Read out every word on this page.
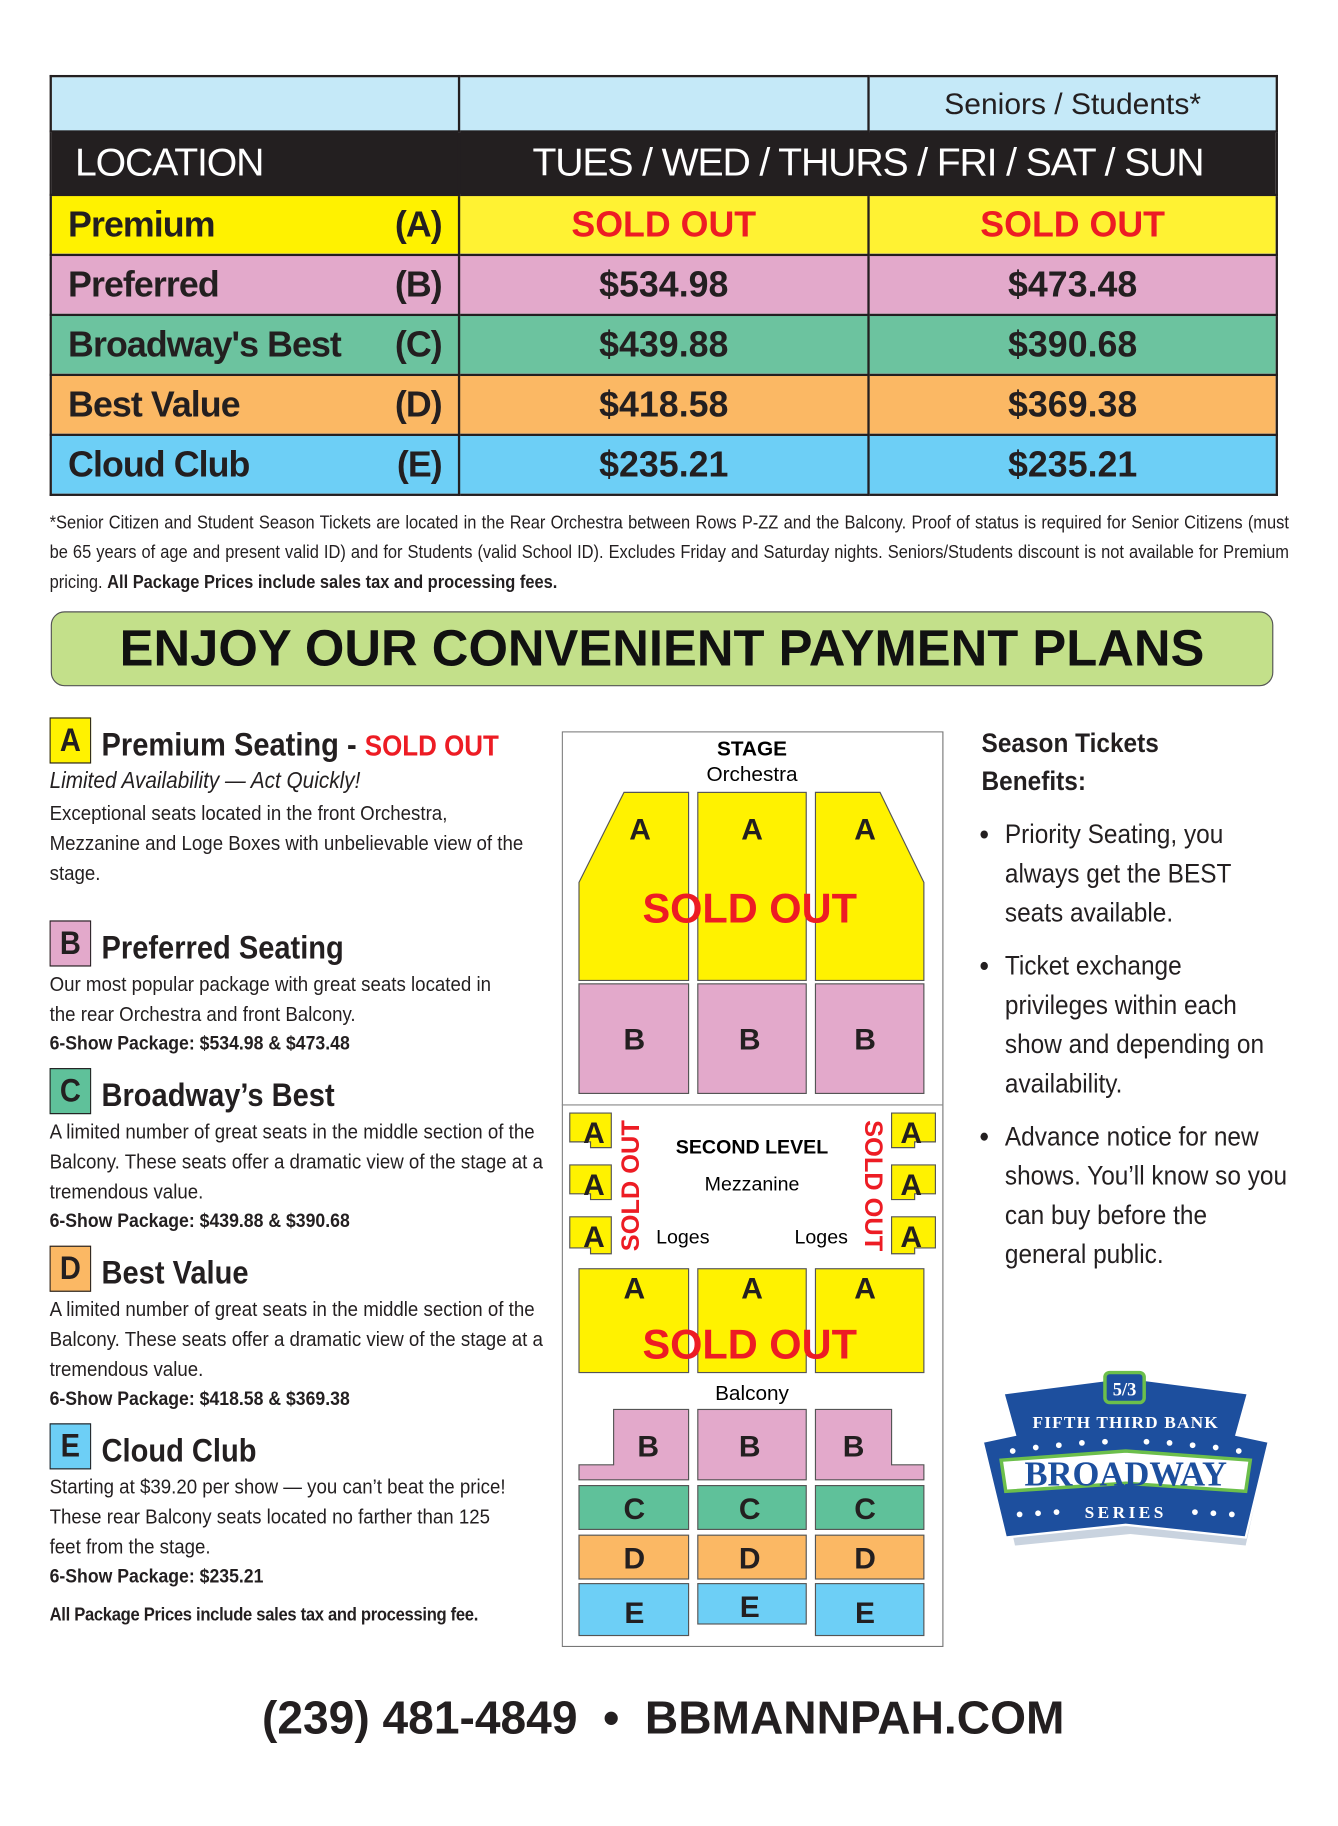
		Seniors / Students*
LOCATION	TUES / WED / THURS / FRI / SAT / SUN	

Premium (A)	SOLD OUT	SOLD OUT

Preferred (B)	$534.98	$473.48

Broadway's Best (C)	$439.88	$390.68

Best Value (D)	$418.58	$369.38

Cloud Club (E)	$235.21	$235.21
*Senior Citizen and Student Season Tickets are located in the Rear Orchestra between Rows P-ZZ and the Balcony. Proof of status is required for Senior Citizens (must be 65 years of age and present valid ID) and for Students (valid School ID). Excludes Friday and Saturday nights. Seniors/Students discount is not available for Premium pricing. All Package Prices include sales tax and processing fees.
ENJOY OUR CONVENIENT PAYMENT PLANS
A Premium Seating - SOLD OUT
Limited Availability — Act Quickly!
Exceptional seats located in the front Orchestra, Mezzanine and Loge Boxes with unbelievable view of the stage.
B Preferred Seating
Our most popular package with great seats located in the rear Orchestra and front Balcony.
6-Show Package: $534.98 & $473.48
C Broadway’s Best
A limited number of great seats in the middle section of the Balcony. These seats offer a dramatic view of the stage at a tremendous value.
6-Show Package: $439.88 & $390.68
D Best Value
A limited number of great seats in the middle section of the Balcony. These seats offer a dramatic view of the stage at a tremendous value.
6-Show Package: $418.58 & $369.38
E Cloud Club
Starting at $39.20 per show — you can’t beat the price! These rear Balcony seats located no farther than 125 feet from the stage.
6-Show Package: $235.21
All Package Prices include sales tax and processing fee.
STAGE
Orchestra
A	A	A
B	B	B
A
A
A
A
A
A
A	A	A
B	B	B
C	C	C
D	D	D
E	E	E
SECOND LEVEL
Mezzanine
Loges	Loges
Balcony
SOLD OUT
SOLD OUT
SOLD OUT	SOLD OUT
Season Tickets
Benefits:
• Priority Seating, you always get the BEST seats available.
• Ticket exchange privileges within each show and depending on availability.
• Advance notice for new shows. You’ll know so you can buy before the general public.
5/3
FIFTH THIRD BANK
BROADWAY
SERIES
(239) 481-4849  •  BBMANNPAH.COM
